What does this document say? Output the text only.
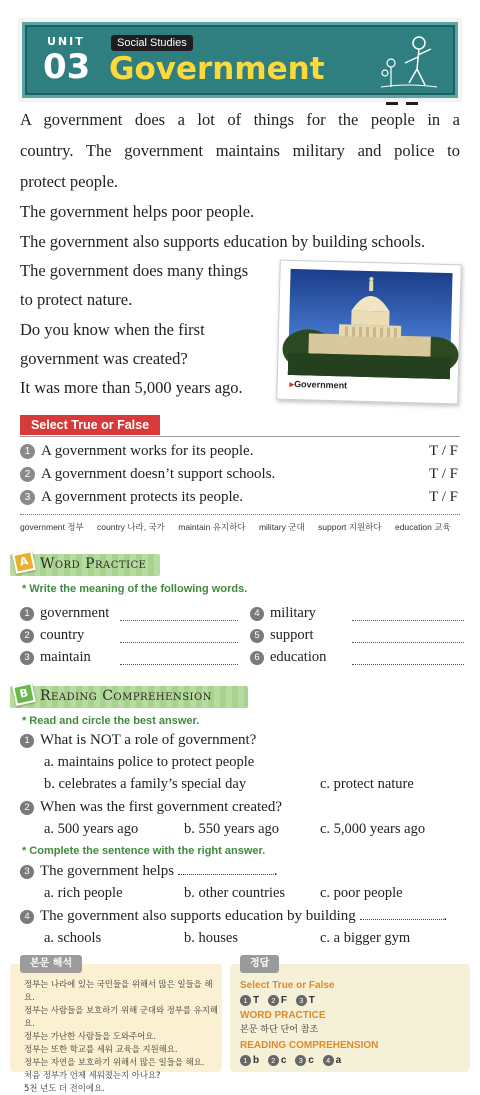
UNIT
03
Social Studies
Government
A government does a lot of things for the people in a
country. The government maintains military and police to
protect people.
The government helps poor people.
The government also supports education by building schools.
The government does many things
to protect nature.
Do you know when the first
government was created?
It was more than 5,000 years ago.	▸Government
Select True or False
1 A government works for its people.	T / F
2 A government doesn’t support schools.	T / F
3 A government protects its people.	T / F
government 정부 country 나라, 국가 maintain 유지하다 military 군대 support 지원하다 education 교육
A Word Practice
* Write the meaning of the following words.
1 government
2 country
3 maintain
4 military
5 support
6 education
B Reading Comprehension
* Read and circle the best answer.
1 What is NOT a role of government?
a. maintains police to protect people
b. celebrates a family’s special day	c. protect nature
2 When was the first government created?
a. 500 years ago	b. 550 years ago	c. 5,000 years ago
* Complete the sentence with the right answer.
3 The government helps	.
a. rich people	b. other countries c. poor people
4 The government also supports education by building	.
a. schools	b. houses	c. a bigger gym
본문 해석
정부는 나라에 있는 국민들을 위해서 많은 일들을 해요.
정부는 사람들을 보호하기 위해 군대와 정부를 유지해요.
정부는 가난한 사람들을 도와주어요.
정부는 또한 학교를 세워 교육을 지원해요.
정부는 자연을 보호하기 위해서 많은 일들을 해요.
처음 정부가 언제 세워졌는지 아나요?
5천 년도 더 전이에요.
정답
Select True or False
1 T 2 F 3 T
WORD PRACTICE
본문 하단 단어 참조
READING COMPREHENSION
1 b 2 c 3 c 4 a
